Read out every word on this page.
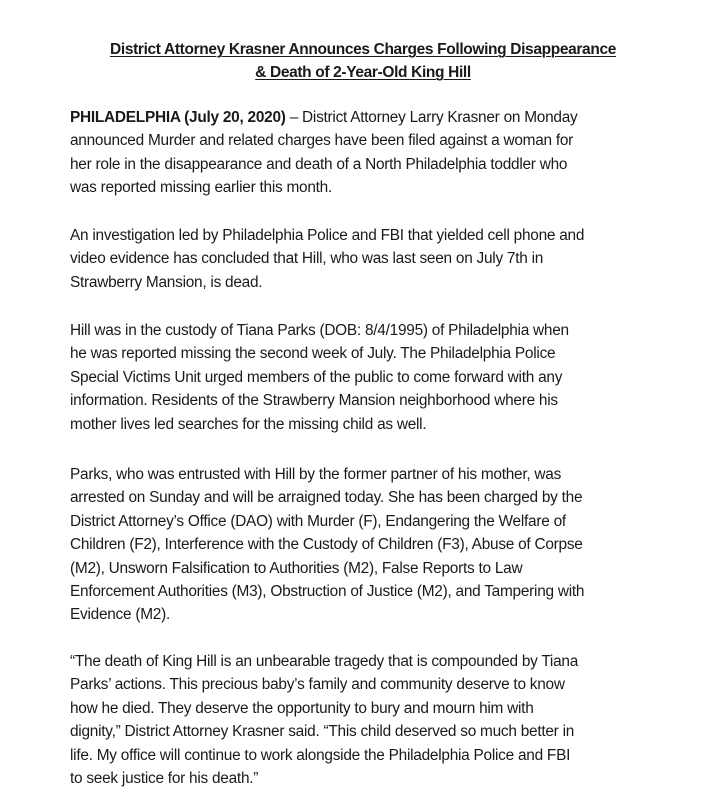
District Attorney Krasner Announces Charges Following Disappearance
& Death of 2-Year-Old King Hill
PHILADELPHIA (July 20, 2020) – District Attorney Larry Krasner on Monday
announced Murder and related charges have been filed against a woman for
her role in the disappearance and death of a North Philadelphia toddler who
was reported missing earlier this month.
An investigation led by Philadelphia Police and FBI that yielded cell phone and
video evidence has concluded that Hill, who was last seen on July 7th in
Strawberry Mansion, is dead.
Hill was in the custody of Tiana Parks (DOB: 8/4/1995) of Philadelphia when
he was reported missing the second week of July. The Philadelphia Police
Special Victims Unit urged members of the public to come forward with any
information. Residents of the Strawberry Mansion neighborhood where his
mother lives led searches for the missing child as well.
Parks, who was entrusted with Hill by the former partner of his mother, was
arrested on Sunday and will be arraigned today. She has been charged by the
District Attorney’s Office (DAO) with Murder (F), Endangering the Welfare of
Children (F2), Interference with the Custody of Children (F3), Abuse of Corpse
(M2), Unsworn Falsification to Authorities (M2), False Reports to Law
Enforcement Authorities (M3), Obstruction of Justice (M2), and Tampering with
Evidence (M2).
“The death of King Hill is an unbearable tragedy that is compounded by Tiana
Parks’ actions. This precious baby’s family and community deserve to know
how he died. They deserve the opportunity to bury and mourn him with
dignity,” District Attorney Krasner said. “This child deserved so much better in
life. My office will continue to work alongside the Philadelphia Police and FBI
to seek justice for his death.”
